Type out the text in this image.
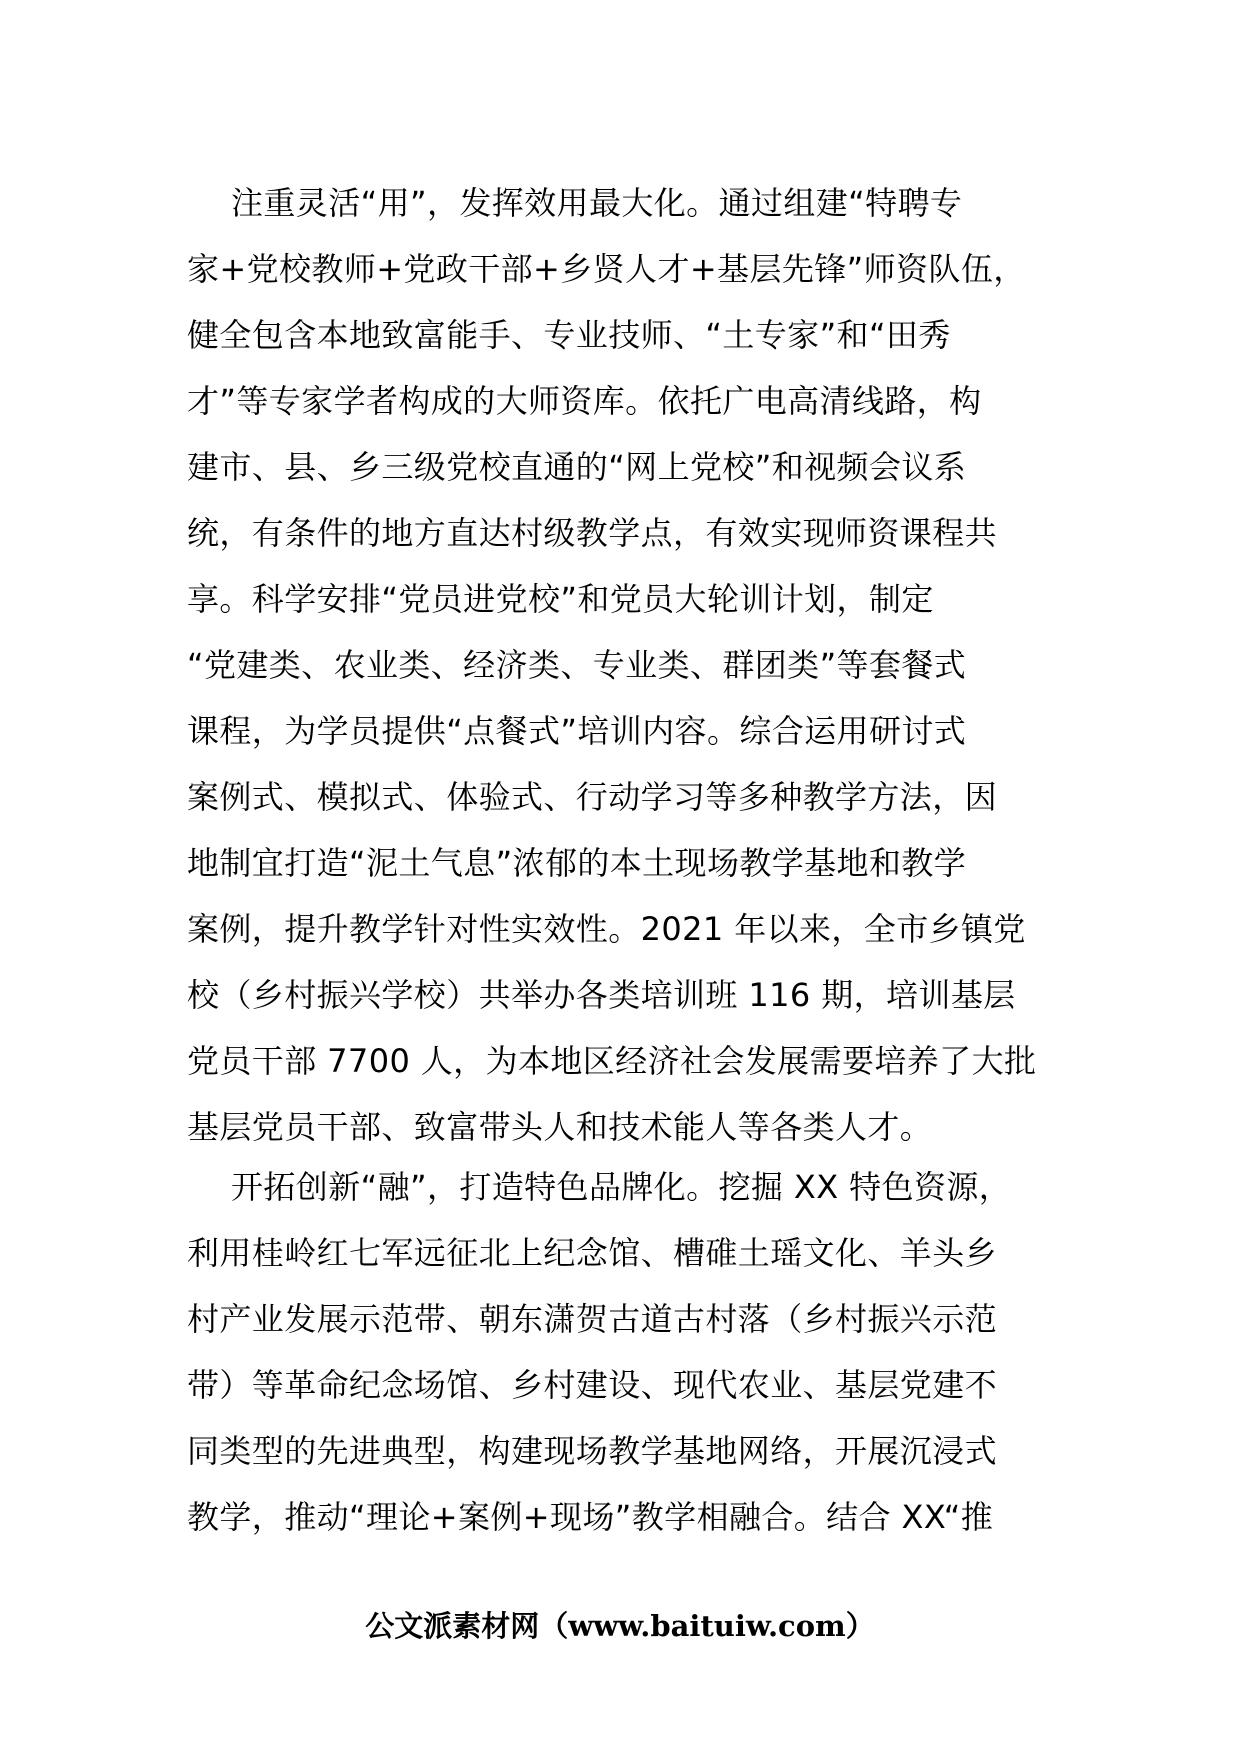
注重灵活“用”，发挥效用最大化。通过组建“特聘专
家+党校教师+党政干部+乡贤人才+基层先锋”师资队伍，
健全包含本地致富能手、专业技师、“土专家”和“田秀
才”等专家学者构成的大师资库。依托广电高清线路，构
建市、县、乡三级党校直通的“网上党校”和视频会议系
统，有条件的地方直达村级教学点，有效实现师资课程共
享。科学安排“党员进党校”和党员大轮训计划，制定
“党建类、农业类、经济类、专业类、群团类”等套餐式
课程，为学员提供“点餐式”培训内容。综合运用研讨式
案例式、模拟式、体验式、行动学习等多种教学方法，因
地制宜打造“泥土气息”浓郁的本土现场教学基地和教学
案例，提升教学针对性实效性。2021 年以来，全市乡镇党
校（乡村振兴学校）共举办各类培训班 116 期，培训基层
党员干部 7700 人，为本地区经济社会发展需要培养了大批
基层党员干部、致富带头人和技术能人等各类人才。
开拓创新“融”，打造特色品牌化。挖掘 XX 特色资源，
利用桂岭红七军远征北上纪念馆、槽碓土瑶文化、羊头乡
村产业发展示范带、朝东潇贺古道古村落（乡村振兴示范
带）等革命纪念场馆、乡村建设、现代农业、基层党建不
同类型的先进典型，构建现场教学基地网络，开展沉浸式
教学，推动“理论+案例+现场”教学相融合。结合 XX“推
公文派素材网（www.baituiw.com）
